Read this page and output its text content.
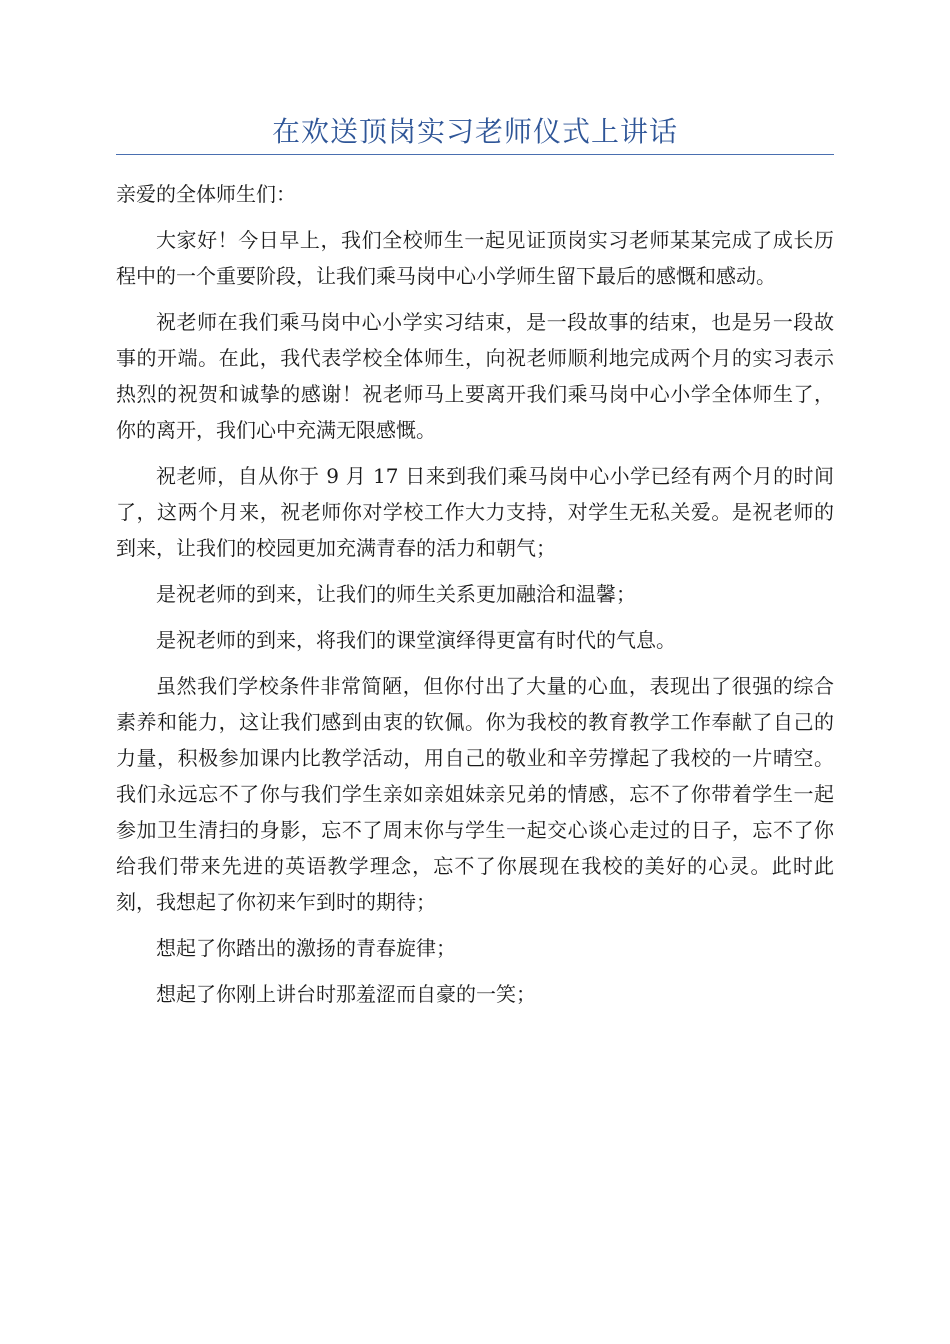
在欢送顶岗实习老师仪式上讲话

亲爱的全体师生们：

大家好！今日早上，我们全校师生一起见证顶岗实习老师某某完成了成长历程中的一个重要阶段，让我们乘马岗中心小学师生留下最后的感慨和感动。

祝老师在我们乘马岗中心小学实习结束，是一段故事的结束，也是另一段故事的开端。在此，我代表学校全体师生，向祝老师顺利地完成两个月的实习表示热烈的祝贺和诚挚的感谢！祝老师马上要离开我们乘马岗中心小学全体师生了，你的离开，我们心中充满无限感慨。

祝老师，自从你于 9 月 17 日来到我们乘马岗中心小学已经有两个月的时间了，这两个月来，祝老师你对学校工作大力支持，对学生无私关爱。是祝老师的到来，让我们的校园更加充满青春的活力和朝气；

是祝老师的到来，让我们的师生关系更加融洽和温馨；

是祝老师的到来，将我们的课堂演绎得更富有时代的气息。

虽然我们学校条件非常简陋，但你付出了大量的心血，表现出了很强的综合素养和能力，这让我们感到由衷的钦佩。你为我校的教育教学工作奉献了自己的力量，积极参加课内比教学活动，用自己的敬业和辛劳撑起了我校的一片晴空。我们永远忘不了你与我们学生亲如亲姐妹亲兄弟的情感，忘不了你带着学生一起参加卫生清扫的身影，忘不了周末你与学生一起交心谈心走过的日子，忘不了你给我们带来先进的英语教学理念，忘不了你展现在我校的美好的心灵。此时此刻，我想起了你初来乍到时的期待；

想起了你踏出的激扬的青春旋律；

想起了你刚上讲台时那羞涩而自豪的一笑；
